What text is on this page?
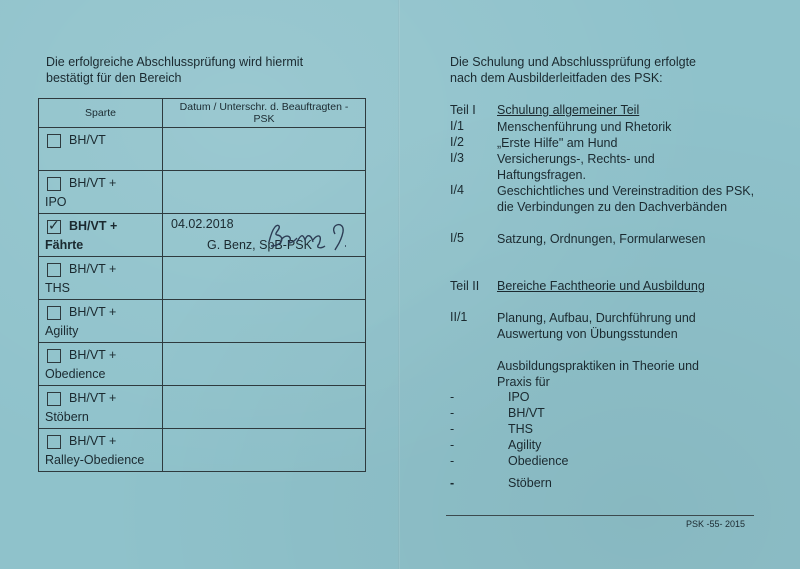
Die erfolgreiche Abschlussprüfung wird hiermit
bestätigt für den Bereich
Sparte	Datum / Unterschr. d. Beauftragten -
PSK

BH/VT	

BH/VT +
IPO	

✓
BH/VT +
Fährte	04.02.2018
G. Benz, SpB-PSK

BH/VT +
THS	

BH/VT +
Agility	

BH/VT +
Obedience	

BH/VT +
Stöbern	

BH/VT +
Ralley-Obedience	

Die Schulung und Abschlussprüfung erfolgte
nach dem Ausbilderleitfaden des PSK:
Teil I Schulung allgemeiner Teil
I/1	Menschenführung und Rhetorik
I/2	„Erste Hilfe" am Hund
I/3	Versicherungs-, Rechts- und Haftungsfragen.
I/4	Geschichtliches und Vereinstradition des PSK, die Verbindungen zu den Dachverbänden
I/5	Satzung, Ordnungen, Formularwesen
Teil II Bereiche Fachtheorie und Ausbildung
II/1 Planung, Aufbau, Durchführung und Auswertung von Übungsstunden
Ausbildungspraktiken in Theorie und Praxis für
-	IPO
-	BH/VT
-	THS
-	Agility
-	Obedience
-	Stöbern
PSK -55- 2015
